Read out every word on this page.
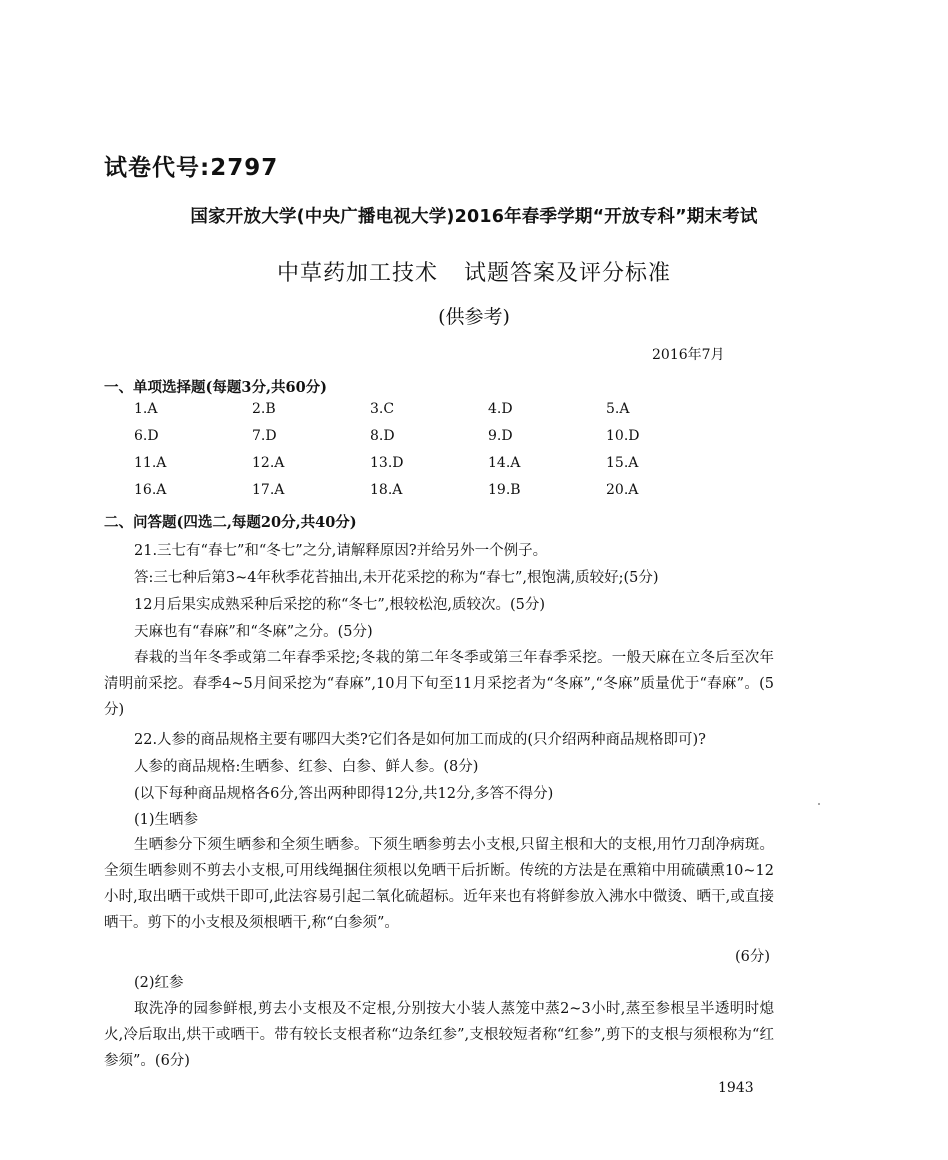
试卷代号:2797
国家开放大学(中央广播电视大学)2016年春季学期“开放专科”期末考试
中草药加工技术 试题答案及评分标准
(供参考)
2016年7月
一、单项选择题(每题3分,共60分)
1.A	2.B	3.C	4.D	5.A
6.D	7.D	8.D	9.D	10.D
11.A	12.A	13.D	14.A	15.A
16.A	17.A	18.A	19.B	20.A
二、问答题(四选二,每题20分,共40分)
21.三七有“春七”和“冬七”之分,请解释原因?并给另外一个例子。
答:三七种后第3~4年秋季花苔抽出,未开花采挖的称为“春七”,根饱满,质较好;(5分)
12月后果实成熟采种后采挖的称“冬七”,根较松泡,质较次。(5分)
天麻也有“春麻”和“冬麻”之分。(5分)
春栽的当年冬季或第二年春季采挖;冬栽的第二年冬季或第三年春季采挖。一般天麻在立冬后至次年清明前采挖。春季4~5月间采挖为“春麻”,10月下旬至11月采挖者为“冬麻”,“冬麻”质量优于“春麻”。(5分)
22.人参的商品规格主要有哪四大类?它们各是如何加工而成的(只介绍两种商品规格即可)?
人参的商品规格:生晒参、红参、白参、鲜人参。(8分)
(以下每种商品规格各6分,答出两种即得12分,共12分,多答不得分)
(1)生晒参
生晒参分下须生晒参和全须生晒参。下须生晒参剪去小支根,只留主根和大的支根,用竹刀刮净病斑。全须生晒参则不剪去小支根,可用线绳捆住须根以免晒干后折断。传统的方法是在熏箱中用硫磺熏10~12小时,取出晒干或烘干即可,此法容易引起二氧化硫超标。近年来也有将鲜参放入沸水中微烫、晒干,或直接晒干。剪下的小支根及须根晒干,称“白参须”。
(6分)
(2)红参
取洗净的园参鲜根,剪去小支根及不定根,分别按大小装人蒸笼中蒸2~3小时,蒸至参根呈半透明时熄火,冷后取出,烘干或晒干。带有较长支根者称“边条红参”,支根较短者称“红参”,剪下的支根与须根称为“红参须”。(6分)
1943
